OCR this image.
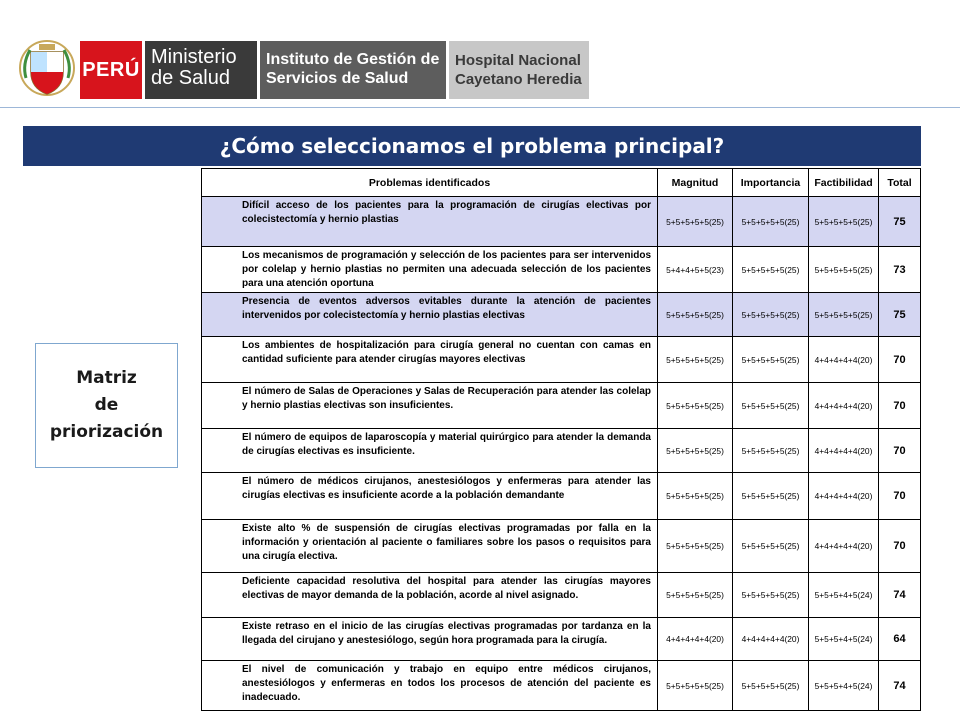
PERÚ
Ministerio
de Salud
Instituto de Gestión de
Servicios de Salud
Hospital Nacional
Cayetano Heredia
¿Cómo seleccionamos el problema principal?
Matriz
de
priorización
Problemas identificados	Magnitud	Importancia	Factibilidad	Total
Difícil acceso de los pacientes para la programación de cirugías electivas por colecistectomía y hernio plastias	5+5+5+5+5(25)	5+5+5+5+5(25)	5+5+5+5+5(25)	75
Los mecanismos de programación y selección de los pacientes para ser intervenidos por colelap y hernio plastias no permiten una adecuada selección de los pacientes para una atención oportuna	5+4+4+5+5(23)	5+5+5+5+5(25)	5+5+5+5+5(25)	73
Presencia de eventos adversos evitables durante la atención de pacientes intervenidos por colecistectomía y hernio plastias electivas	5+5+5+5+5(25)	5+5+5+5+5(25)	5+5+5+5+5(25)	75
Los ambientes de hospitalización para cirugía general no cuentan con camas en cantidad suficiente para atender cirugías mayores electivas	5+5+5+5+5(25)	5+5+5+5+5(25)	4+4+4+4+4(20)	70
El número de Salas de Operaciones y Salas de Recuperación para atender las colelap y hernio plastias electivas son insuficientes.	5+5+5+5+5(25)	5+5+5+5+5(25)	4+4+4+4+4(20)	70
El número de equipos de laparoscopía y material quirúrgico para atender la demanda de cirugías electivas es insuficiente.	5+5+5+5+5(25)	5+5+5+5+5(25)	4+4+4+4+4(20)	70
El número de médicos cirujanos, anestesiólogos y enfermeras para atender las cirugías electivas es insuficiente acorde a la población demandante	5+5+5+5+5(25)	5+5+5+5+5(25)	4+4+4+4+4(20)	70
Existe alto % de suspensión de cirugías electivas programadas por falla en la información y orientación al paciente o familiares sobre los pasos o requisitos para una cirugía electiva.	5+5+5+5+5(25)	5+5+5+5+5(25)	4+4+4+4+4(20)	70
Deficiente capacidad resolutiva del hospital para atender las cirugías mayores electivas de mayor demanda de la población, acorde al nivel asignado.	5+5+5+5+5(25)	5+5+5+5+5(25)	5+5+5+4+5(24)	74
Existe retraso en el inicio de las cirugías electivas programadas por tardanza en la llegada del cirujano y anestesiólogo, según hora programada para la cirugía.	4+4+4+4+4(20)	4+4+4+4+4(20)	5+5+5+4+5(24)	64
El nivel de comunicación y trabajo en equipo entre médicos cirujanos, anestesiólogos y enfermeras en todos los procesos de atención del paciente es inadecuado.	5+5+5+5+5(25)	5+5+5+5+5(25)	5+5+5+4+5(24)	74
